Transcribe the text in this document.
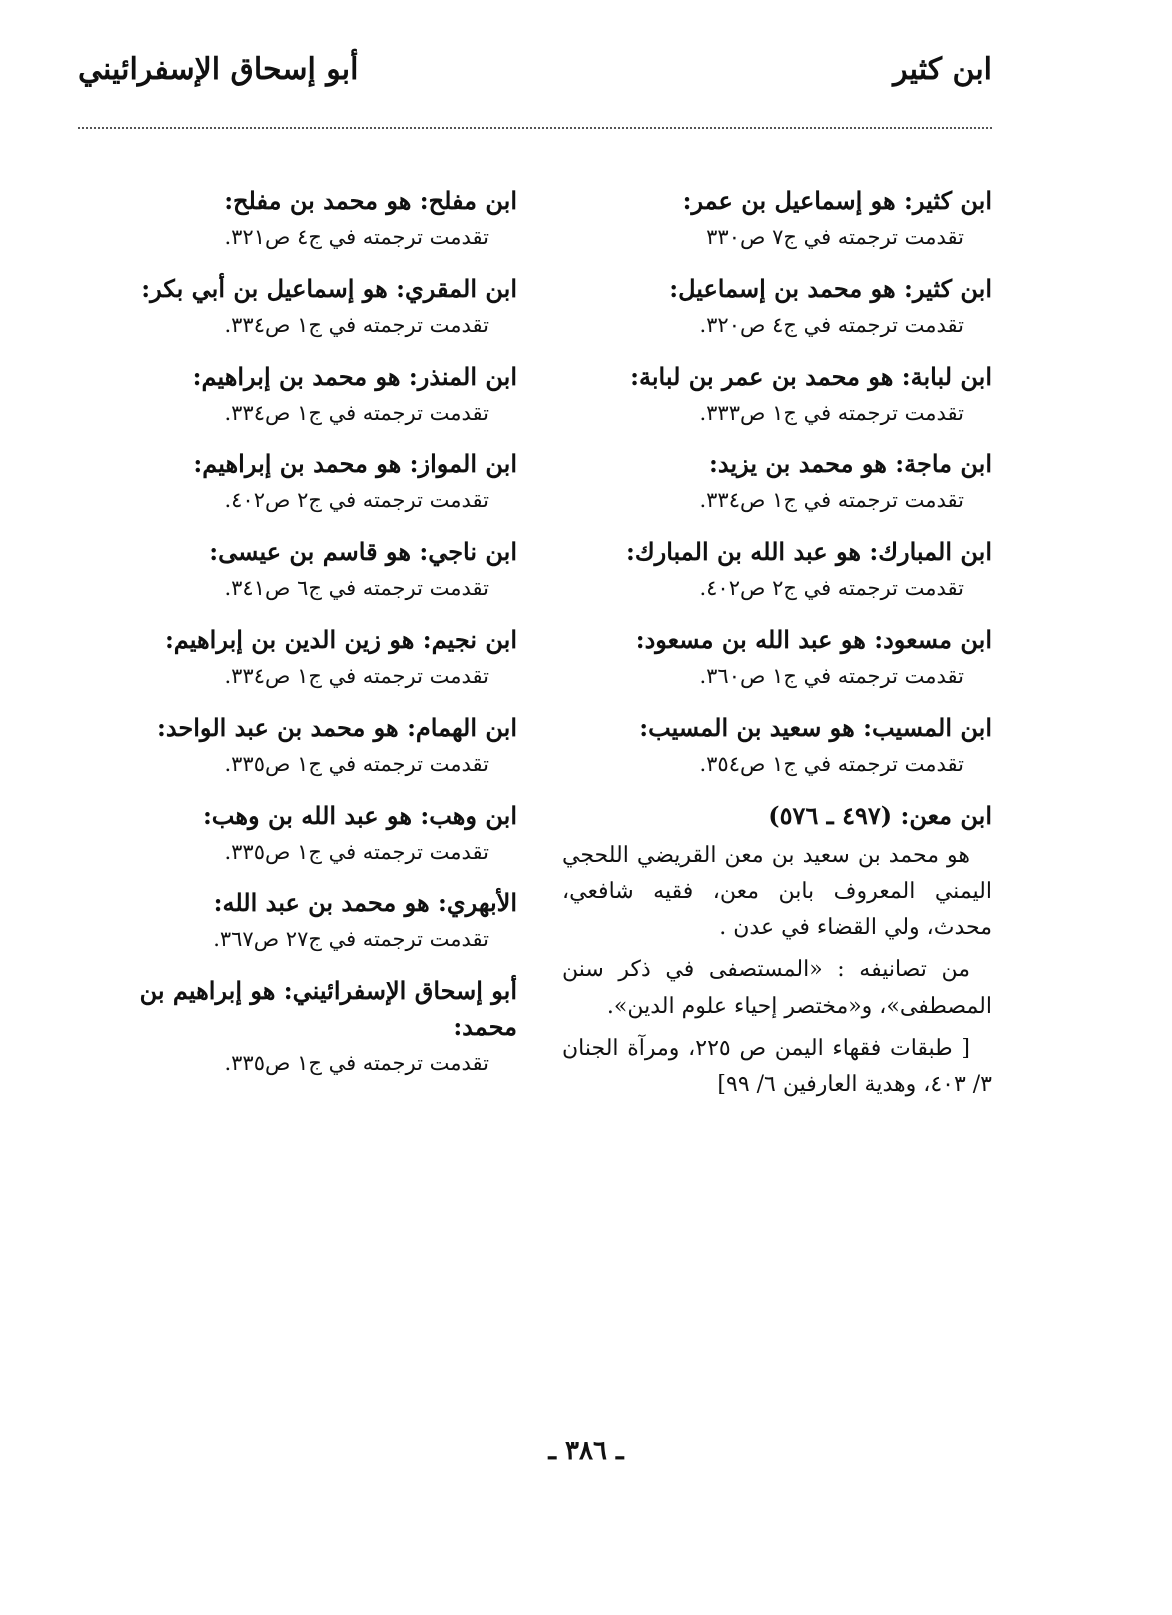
ابن كثير
أبو إسحاق الإسفرائيني
ابن كثير: هو إسماعيل بن عمر:
تقدمت ترجمته في ج٧ ص٣٣٠
ابن كثير: هو محمد بن إسماعيل:
تقدمت ترجمته في ج٤ ص٣٢٠.
ابن لبابة: هو محمد بن عمر بن لبابة:
تقدمت ترجمته في ج١ ص٣٣٣.
ابن ماجة: هو محمد بن يزيد:
تقدمت ترجمته في ج١ ص٣٣٤.
ابن المبارك: هو عبد الله بن المبارك:
تقدمت ترجمته في ج٢ ص٤٠٢.
ابن مسعود: هو عبد الله بن مسعود:
تقدمت ترجمته في ج١ ص٣٦٠.
ابن المسيب: هو سعيد بن المسيب:
تقدمت ترجمته في ج١ ص٣٥٤.
ابن معن: (٤٩٧ ـ ٥٧٦)

هو محمد بن سعيد بن معن القريضي اللحجي اليمني المعروف بابن معن، فقيه شافعي، محدث، ولي القضاء في عدن .

من تصانيفه : «المستصفى في ذكر سنن المصطفى»، و«مختصر إحياء علوم الدين».

[ طبقات فقهاء اليمن ص ٢٢٥، ومرآة الجنان ٣/ ٤٠٣، وهدية العارفين ٦/ ٩٩]

ابن مفلح: هو محمد بن مفلح:
تقدمت ترجمته في ج٤ ص٣٢١.
ابن المقري: هو إسماعيل بن أبي بكر:
تقدمت ترجمته في ج١ ص٣٣٤.
ابن المنذر: هو محمد بن إبراهيم:
تقدمت ترجمته في ج١ ص٣٣٤.
ابن المواز: هو محمد بن إبراهيم:
تقدمت ترجمته في ج٢ ص٤٠٢.
ابن ناجي: هو قاسم بن عيسى:
تقدمت ترجمته في ج٦ ص٣٤١.
ابن نجيم: هو زين الدين بن إبراهيم:
تقدمت ترجمته في ج١ ص٣٣٤.
ابن الهمام: هو محمد بن عبد الواحد:
تقدمت ترجمته في ج١ ص٣٣٥.
ابن وهب: هو عبد الله بن وهب:
تقدمت ترجمته في ج١ ص٣٣٥.
الأبهري: هو محمد بن عبد الله:
تقدمت ترجمته في ج٢٧ ص٣٦٧.
أبو إسحاق الإسفرائيني: هو إبراهيم بن محمد:
تقدمت ترجمته في ج١ ص٣٣٥.
ـ ٣٨٦ ـ
